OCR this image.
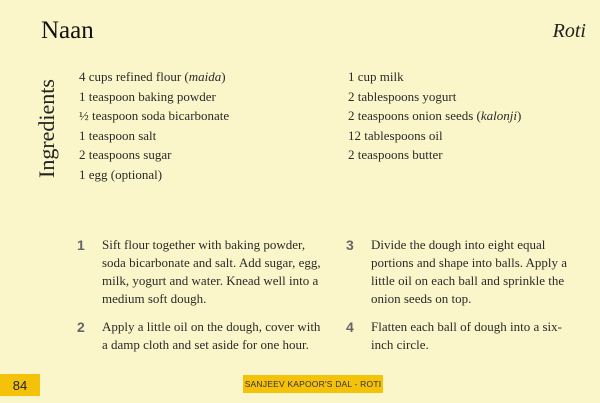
Naan	Roti
Ingredients
4 cups refined flour (maida)
1 teaspoon baking powder
½ teaspoon soda bicarbonate
1 teaspoon salt
2 teaspoons sugar
1 egg (optional)
1 cup milk
2 tablespoons yogurt
2 teaspoons onion seeds (kalonji)
12 tablespoons oil
2 teaspoons butter
1 Sift flour together with baking powder, soda bicarbonate and salt. Add sugar, egg, milk, yogurt and water. Knead well into a medium soft dough.
2 Apply a little oil on the dough, cover with a damp cloth and set aside for one hour.
3 Divide the dough into eight equal portions and shape into balls. Apply a little oil on each ball and sprinkle the onion seeds on top.
4 Flatten each ball of dough into a six-inch circle.
84	SANJEEV KAPOOR'S DAL - ROTI
